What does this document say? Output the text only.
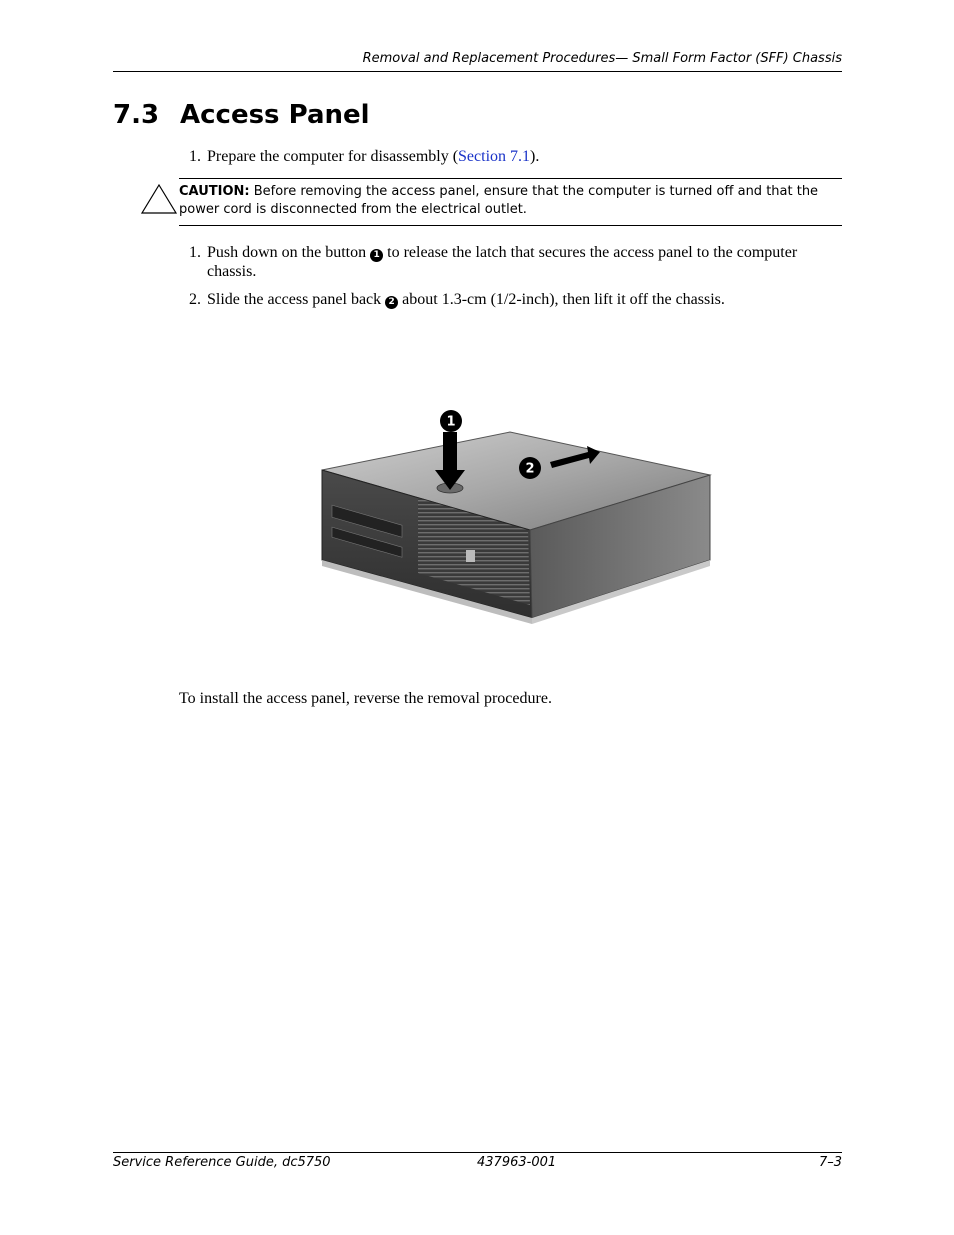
Removal and Replacement Procedures— Small Form Factor (SFF) Chassis
7.3 Access Panel
1. Prepare the computer for disassembly (Section 7.1).
CAUTION: Before removing the access panel, ensure that the computer is turned off and that the power cord is disconnected from the electrical outlet.
1. Push down on the button 1 to release the latch that secures the access panel to the computer
chassis.
2. Slide the access panel back 2 about 1.3-cm (1/2-inch), then lift it off the chassis.
1
2
To install the access panel, reverse the removal procedure.
Service Reference Guide, dc5750	437963-001	7–3
